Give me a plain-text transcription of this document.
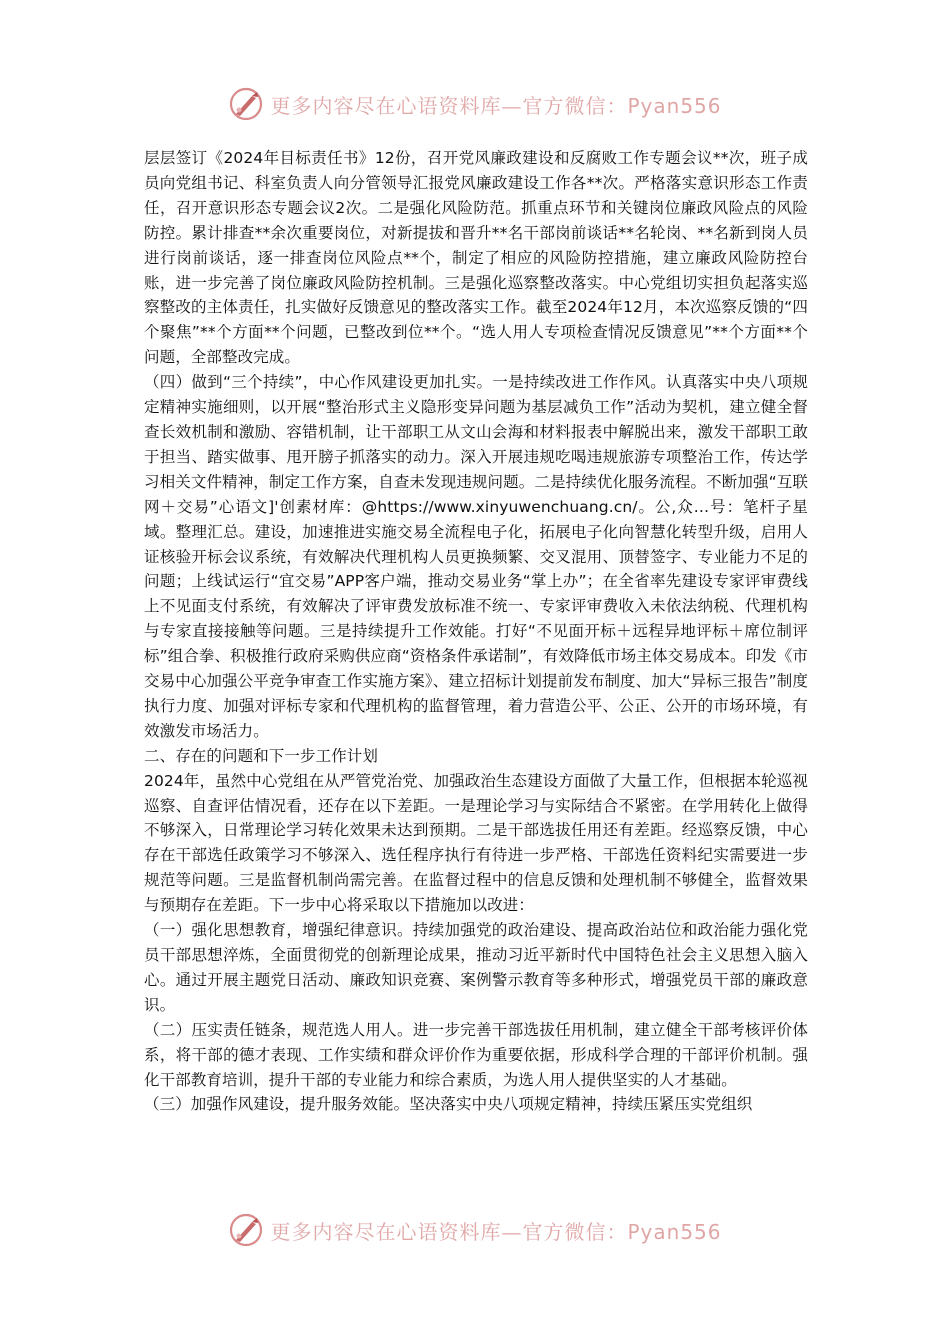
更多内容尽在心语资料库—官方微信：Pyan556

层层签订《2024年目标责任书》12份，召开党风廉政建设和反腐败工作专题会议**次，班子成员向党组书记、科室负责人向分管领导汇报党风廉政建设工作各**次。严格落实意识形态工作责任，召开意识形态专题会议2次。二是强化风险防范。抓重点环节和关键岗位廉政风险点的风险防控。累计排查**余次重要岗位，对新提拔和晋升**名干部岗前谈话**名轮岗、**名新到岗人员进行岗前谈话，逐一排查岗位风险点**个，制定了相应的风险防控措施，建立廉政风险防控台账，进一步完善了岗位廉政风险防控机制。三是强化巡察整改落实。中心党组切实担负起落实巡察整改的主体责任，扎实做好反馈意见的整改落实工作。截至2024年12月，本次巡察反馈的“四个聚焦”**个方面**个问题，已整改到位**个。“选人用人专项检查情况反馈意见”**个方面**个问题，全部整改完成。

（四）做到“三个持续”，中心作风建设更加扎实。一是持续改进工作作风。认真落实中央八项规定精神实施细则，以开展“整治形式主义隐形变异问题为基层减负工作”活动为契机，建立健全督查长效机制和激励、容错机制，让干部职工从文山会海和材料报表中解脱出来，激发干部职工敢于担当、踏实做事、甩开膀子抓落实的动力。深入开展违规吃喝违规旅游专项整治工作，传达学习相关文件精神，制定工作方案，自查未发现违规问题。二是持续优化服务流程。不断加强“互联网＋交易”心语文]'创素材库：@https://www.xinyuwenchuang.cn/。公,众…号：笔杆子星域。整理汇总。建设，加速推进实施交易全流程电子化，拓展电子化向智慧化转型升级，启用人证核验开标会议系统，有效解决代理机构人员更换频繁、交叉混用、顶替签字、专业能力不足的问题；上线试运行“宜交易”APP客户端，推动交易业务“掌上办”；在全省率先建设专家评审费线上不见面支付系统，有效解决了评审费发放标准不统一、专家评审费收入未依法纳税、代理机构与专家直接接触等问题。三是持续提升工作效能。打好“不见面开标＋远程异地评标＋席位制评标”组合拳、积极推行政府采购供应商“资格条件承诺制”，有效降低市场主体交易成本。印发《市交易中心加强公平竞争审查工作实施方案》、建立招标计划提前发布制度、加大“异标三报告”制度执行力度、加强对评标专家和代理机构的监督管理，着力营造公平、公正、公开的市场环境，有效激发市场活力。

二、存在的问题和下一步工作计划

2024年，虽然中心党组在从严管党治党、加强政治生态建设方面做了大量工作，但根据本轮巡视巡察、自查评估情况看，还存在以下差距。一是理论学习与实际结合不紧密。在学用转化上做得不够深入，日常理论学习转化效果未达到预期。二是干部选拔任用还有差距。经巡察反馈，中心存在干部选任政策学习不够深入、选任程序执行有待进一步严格、干部选任资料纪实需要进一步规范等问题。三是监督机制尚需完善。在监督过程中的信息反馈和处理机制不够健全，监督效果与预期存在差距。下一步中心将采取以下措施加以改进：

（一）强化思想教育，增强纪律意识。持续加强党的政治建设、提高政治站位和政治能力强化党员干部思想淬炼，全面贯彻党的创新理论成果，推动习近平新时代中国特色社会主义思想入脑入心。通过开展主题党日活动、廉政知识竞赛、案例警示教育等多种形式，增强党员干部的廉政意识。

（二）压实责任链条，规范选人用人。进一步完善干部选拔任用机制，建立健全干部考核评价体系，将干部的德才表现、工作实绩和群众评价作为重要依据，形成科学合理的干部评价机制。强化干部教育培训，提升干部的专业能力和综合素质，为选人用人提供坚实的人才基础。

（三）加强作风建设，提升服务效能。坚决落实中央八项规定精神，持续压紧压实党组织

更多内容尽在心语资料库—官方微信：Pyan556
